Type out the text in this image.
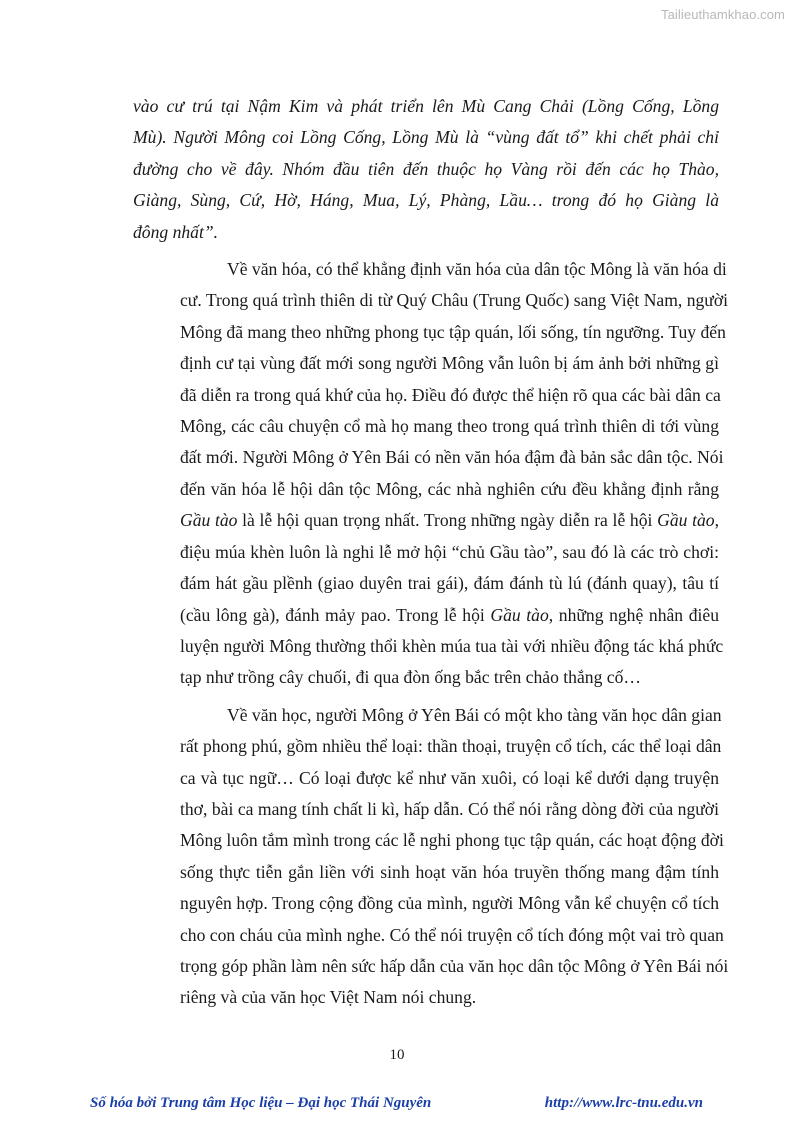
Tailieuthamkhao.com

vào cư trú tại Nậm Kim và phát triển lên Mù Cang Chải (Lồng Cống, Lồng
Mù). Người Mông coi Lồng Cống, Lồng Mù là “vùng đất tổ” khi chết phải chỉ
đường cho về đây. Nhóm đầu tiên đến thuộc họ Vàng rồi đến các họ Thào,
Giàng, Sùng, Cứ, Hờ, Háng, Mua, Lý, Phàng, Lầu… trong đó họ Giàng là
đông nhất”.

Về văn hóa, có thể khẳng định văn hóa của dân tộc Mông là văn hóa di
cư. Trong quá trình thiên di từ Quý Châu (Trung Quốc) sang Việt Nam, người
Mông đã mang theo những phong tục tập quán, lối sống, tín ngưỡng. Tuy đến
định cư tại vùng đất mới song người Mông vẫn luôn bị ám ảnh bởi những gì
đã diễn ra trong quá khứ của họ. Điều đó được thể hiện rõ qua các bài dân ca
Mông, các câu chuyện cổ mà họ mang theo trong quá trình thiên di tới vùng
đất mới. Người Mông ở Yên Bái có nền văn hóa đậm đà bản sắc dân tộc. Nói
đến văn hóa lễ hội dân tộc Mông, các nhà nghiên cứu đều khẳng định rằng
Gầu tào là lễ hội quan trọng nhất. Trong những ngày diễn ra lễ hội Gầu tào,
điệu múa khèn luôn là nghi lễ mở hội “chủ Gầu tào”, sau đó là các trò chơi:
đám hát gầu plềnh (giao duyên trai gái), đám đánh tù lú (đánh quay), tâu tí
(cầu lông gà), đánh mảy pao. Trong lễ hội Gầu tào, những nghệ nhân điêu
luyện người Mông thường thổi khèn múa tua tài với nhiều động tác khá phức
tạp như trồng cây chuối, đi qua đòn ống bắc trên chảo thắng cố…

Về văn học, người Mông ở Yên Bái có một kho tàng văn học dân gian
rất phong phú, gồm nhiều thể loại: thần thoại, truyện cổ tích, các thể loại dân
ca và tục ngữ… Có loại được kể như văn xuôi, có loại kể dưới dạng truyện
thơ, bài ca mang tính chất li kì, hấp dẫn. Có thể nói rằng dòng đời của người
Mông luôn tắm mình trong các lễ nghi phong tục tập quán, các hoạt động đời
sống thực tiễn gắn liền với sinh hoạt văn hóa truyền thống mang đậm tính
nguyên hợp. Trong cộng đồng của mình, người Mông vẫn kể chuyện cổ tích
cho con cháu của mình nghe. Có thể nói truyện cổ tích đóng một vai trò quan
trọng góp phần làm nên sức hấp dẫn của văn học dân tộc Mông ở Yên Bái nói
riêng và của văn học Việt Nam nói chung.

10
Số hóa bởi Trung tâm Học liệu – Đại học Thái Nguyên	http://www.lrc-tnu.edu.vn
